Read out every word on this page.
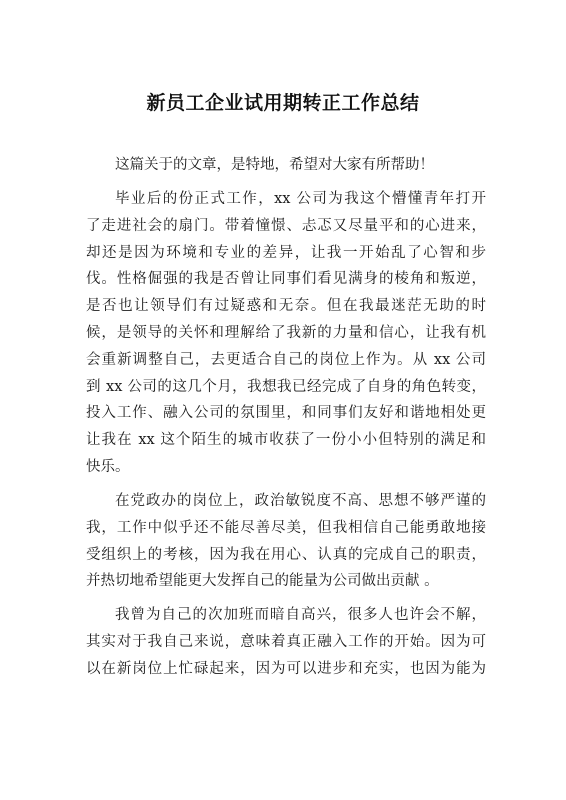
新员工企业试用期转正工作总结
这篇关于的文章，是特地，希望对大家有所帮助！
毕业后的份正式工作，xx 公司为我这个懵懂青年打开
了走进社会的扇门。带着憧憬、忐忑又尽量平和的心进来，
却还是因为环境和专业的差异，让我一开始乱了心智和步
伐。性格倔强的我是否曾让同事们看见满身的棱角和叛逆，
是否也让领导们有过疑惑和无奈。但在我最迷茫无助的时
候，是领导的关怀和理解给了我新的力量和信心，让我有机
会重新调整自己，去更适合自己的岗位上作为。从 xx 公司
到 xx 公司的这几个月，我想我已经完成了自身的角色转变，
投入工作、融入公司的氛围里，和同事们友好和谐地相处更
让我在 xx 这个陌生的城市收获了一份小小但特别的满足和
快乐。
在党政办的岗位上，政治敏锐度不高、思想不够严谨的
我，工作中似乎还不能尽善尽美，但我相信自己能勇敢地接
受组织上的考核，因为我在用心、认真的完成自己的职责，
并热切地希望能更大发挥自己的能量为公司做出贡献 。
我曾为自己的次加班而暗自高兴，很多人也许会不解，
其实对于我自己来说，意味着真正融入工作的开始。因为可
以在新岗位上忙碌起来，因为可以进步和充实，也因为能为
